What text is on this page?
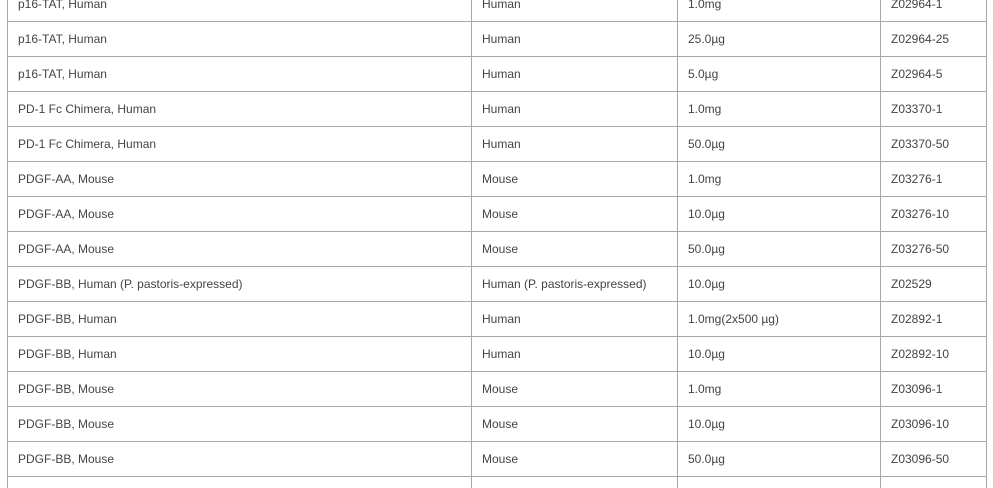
p16-TAT, Human	Human	1.0mg	Z02964-1
p16-TAT, Human	Human	25.0µg	Z02964-25
p16-TAT, Human	Human	5.0µg	Z02964-5
PD-1 Fc Chimera, Human	Human	1.0mg	Z03370-1
PD-1 Fc Chimera, Human	Human	50.0µg	Z03370-50
PDGF-AA, Mouse	Mouse	1.0mg	Z03276-1
PDGF-AA, Mouse	Mouse	10.0µg	Z03276-10
PDGF-AA, Mouse	Mouse	50.0µg	Z03276-50
PDGF-BB, Human (P. pastoris-expressed)	Human (P. pastoris-expressed)	10.0µg	Z02529
PDGF-BB, Human	Human	1.0mg(2x500 µg)	Z02892-1
PDGF-BB, Human	Human	10.0µg	Z02892-10
PDGF-BB, Mouse	Mouse	1.0mg	Z03096-1
PDGF-BB, Mouse	Mouse	10.0µg	Z03096-10
PDGF-BB, Mouse	Mouse	50.0µg	Z03096-50
